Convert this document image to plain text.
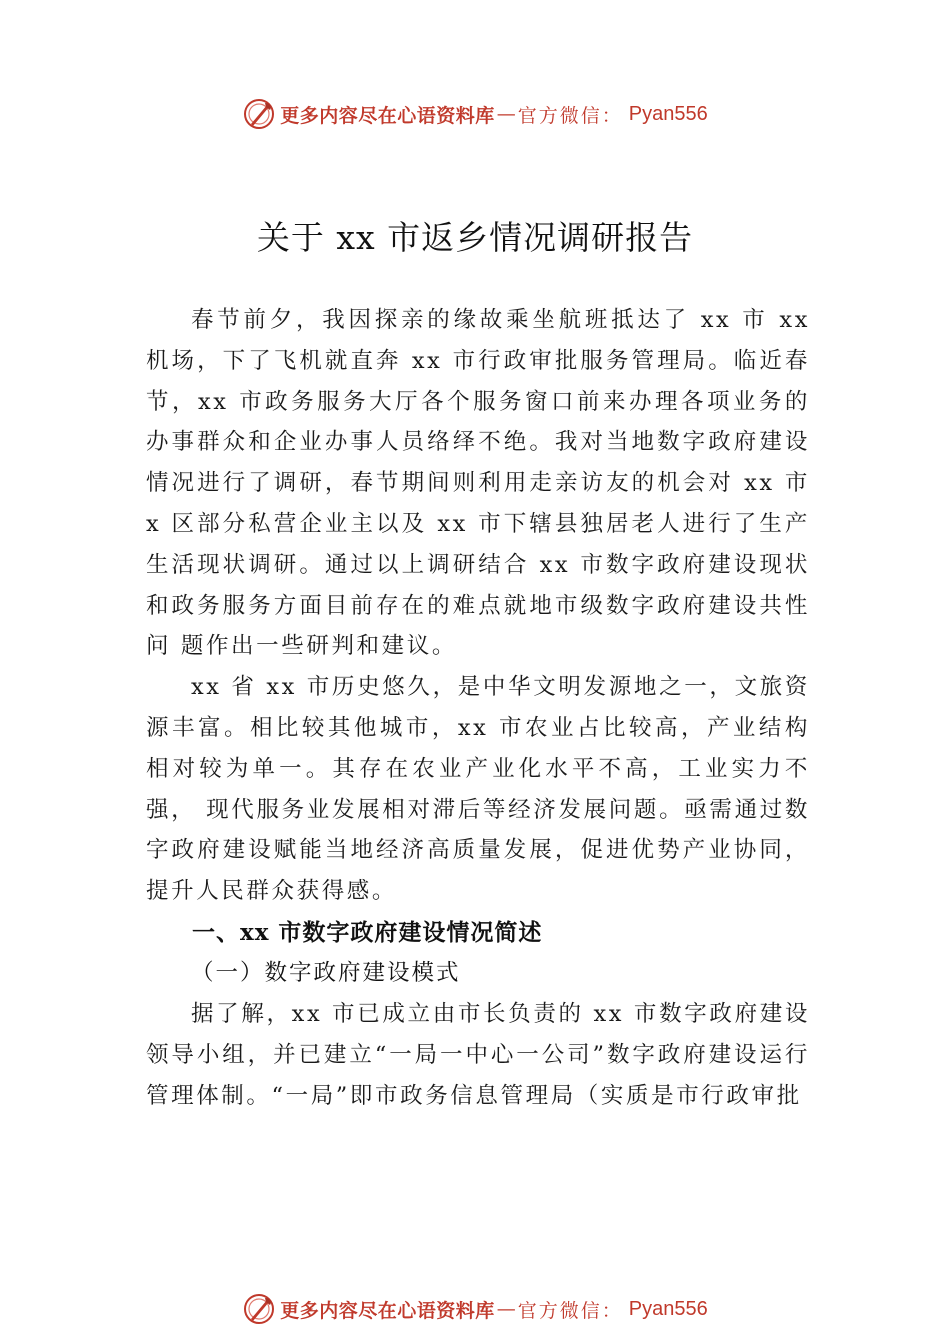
更多内容尽在心语资料库 — 官方微信： Pyan556
关于 xx 市返乡情况调研报告

春节前夕，我因探亲的缘故乘坐航班抵达了 xx 市 xx 机场，下了飞机就直奔 xx 市行政审批服务管理局。临近春节，xx 市政务服务大厅各个服务窗口前来办理各项业务的办事群众和企业办事人员络绎不绝。我对当地数字政府建设情况进行了调研，春节期间则利用走亲访友的机会对 xx 市 x 区部分私营企业主以及 xx 市下辖县独居老人进行了生产生活现状调研。通过以上调研结合 xx 市数字政府建设现状和政务服务方面目前存在的难点就地市级数字政府建设共性问 题作出一些研判和建议。

xx 省 xx 市历史悠久，是中华文明发源地之一，文旅资源丰富。相比较其他城市，xx 市农业占比较高，产业结构相对较为单一。其存在农业产业化水平不高，工业实力不强， 现代服务业发展相对滞后等经济发展问题。亟需通过数字政府建设赋能当地经济高质量发展，促进优势产业协同，提升人民群众获得感。

一、xx 市数字政府建设情况简述

（一）数字政府建设模式

据了解，xx 市已成立由市长负责的 xx 市数字政府建设领导小组，并已建立“一局一中心一公司”数字政府建设运行管理体制。“一局”即市政务信息管理局（实质是市行政审批

更多内容尽在心语资料库 — 官方微信： Pyan556
